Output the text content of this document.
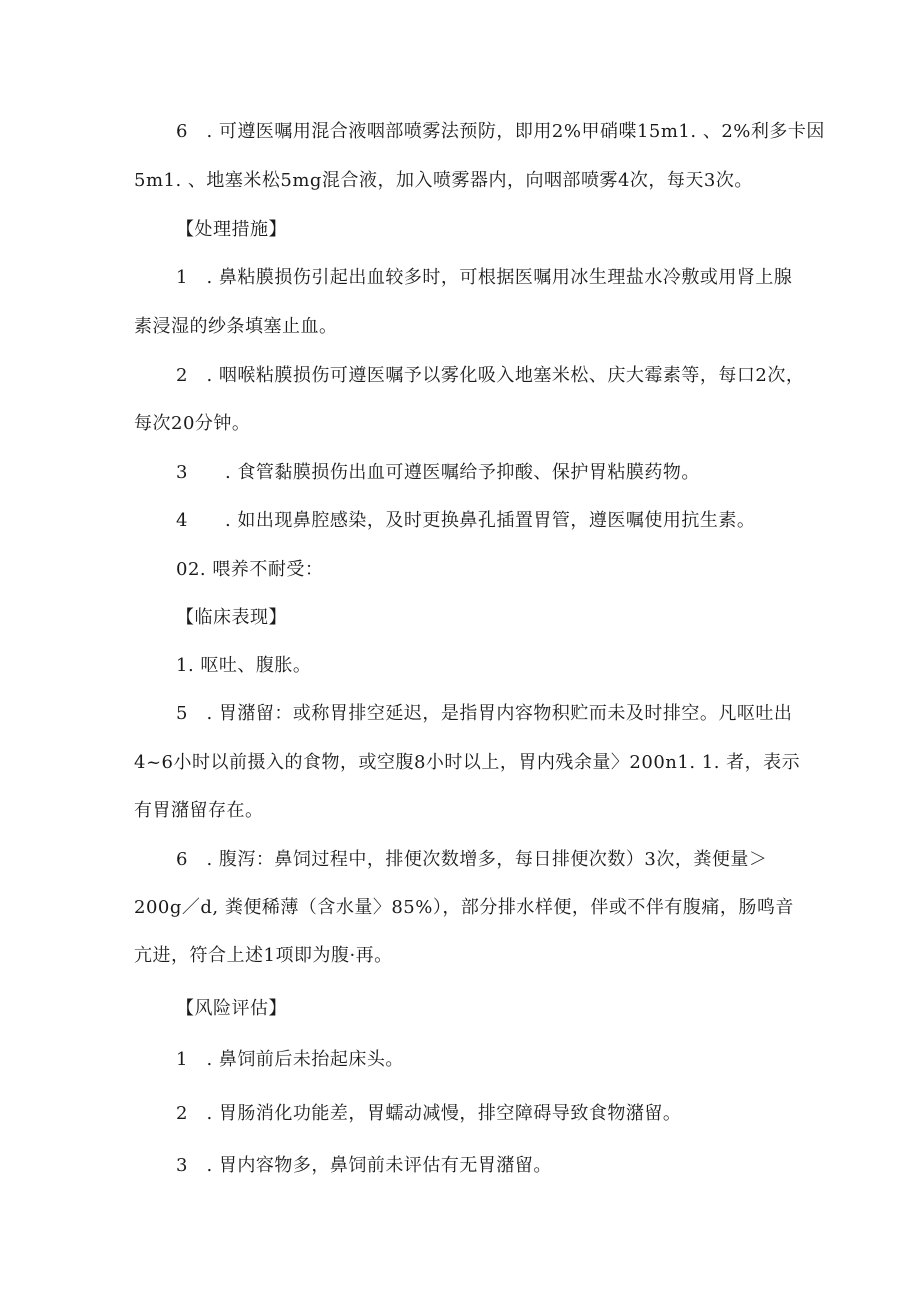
6　. 可遵医嘱用混合液咽部喷雾法预防，即用2%甲硝喋15m1. 、2%利多卡因
5m1. 、地塞米松5mg混合液，加入喷雾器内，向咽部喷雾4次，每天3次。
【处理措施】
1　. 鼻粘膜损伤引起出血较多时，可根据医嘱用冰生理盐水冷敷或用肾上腺
素浸湿的纱条填塞止血。
2　. 咽喉粘膜损伤可遵医嘱予以雾化吸入地塞米松、庆大霉素等，每口2次，
每次20分钟。
3　　. 食管黏膜损伤出血可遵医嘱给予抑酸、保护胃粘膜药物。
4　　. 如出现鼻腔感染，及时更换鼻孔插置胃管，遵医嘱使用抗生素。
02. 喂养不耐受：
【临床表现】
1. 呕吐、腹胀。
5　. 胃潴留：或称胃排空延迟，是指胃内容物积贮而未及时排空。凡呕吐出
4~6小时以前摄入的食物，或空腹8小时以上，胃内残余量〉200n1. 1. 者，表示
有胃潴留存在。
6　. 腹泻：鼻饲过程中，排便次数增多，每日排便次数）3次，粪便量＞
200g／d, 粪便稀薄（含水量〉85%），部分排水样便，伴或不伴有腹痛，肠鸣音
亢进，符合上述1项即为腹·再。
【风险评估】
1　. 鼻饲前后未抬起床头。
2　. 胃肠消化功能差，胃蠕动减慢，排空障碍导致食物潴留。
3　. 胃内容物多，鼻饲前未评估有无胃潴留。
